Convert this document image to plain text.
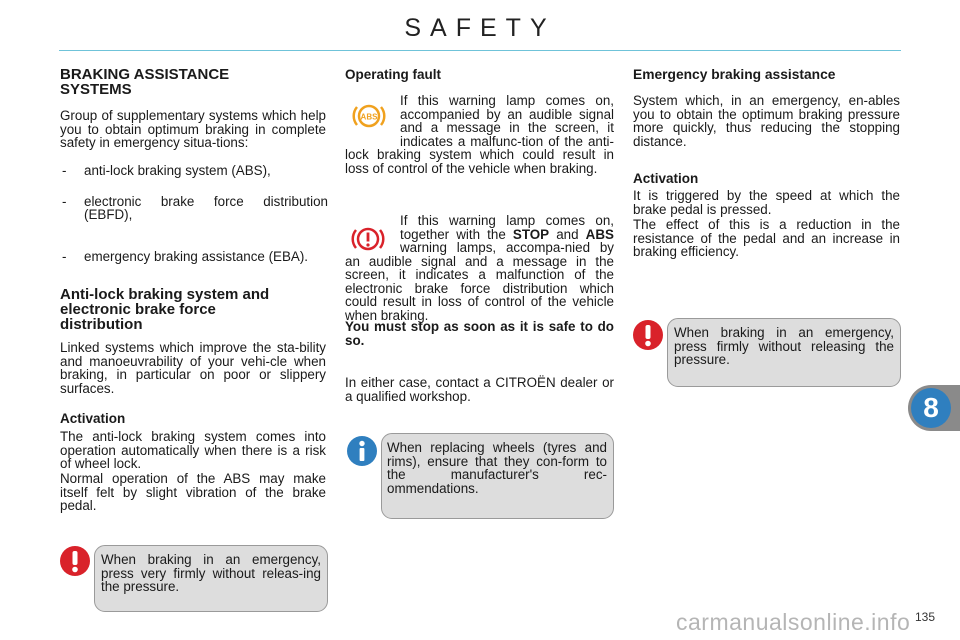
SAFETY
BRAKING ASSISTANCE SYSTEMS

Group of supplementary systems which help you to obtain optimum braking in complete safety in emergency situa-tions:

- anti-lock braking system (ABS),
- electronic brake force distribution (EBFD),
- emergency braking assistance (EBA).
Anti-lock braking system and electronic brake force distribution

Linked systems which improve the sta-bility and manoeuvrability of your vehi-cle when braking, in particular on poor or slippery surfaces.

Activation

The anti-lock braking system comes into operation automatically when there is a risk of wheel lock.

Normal operation of the ABS may make itself felt by slight vibration of the brake pedal.

When braking in an emergency, press very firmly without releas-ing the pressure.

Operating fault
ABS

If this warning lamp comes on, accompanied by an audible signal and a message in the screen, it indicates a malfunc-tion of the anti-lock braking system which could result in loss of control of the vehicle when braking.
If this warning lamp comes on, together with the STOP and ABS warning lamps, accompa-nied by an audible signal and a message in the screen, it indicates a malfunction of the electronic brake force distribution which could result in loss of control of the vehicle when braking.

You must stop as soon as it is safe to do so.

In either case, contact a CITROËN dealer or a qualified workshop.

When replacing wheels (tyres and rims), ensure that they con-form to the manufacturer's rec-ommendations.

Emergency braking assistance

System which, in an emergency, en-ables you to obtain the optimum braking pressure more quickly, thus reducing the stopping distance.

Activation

It is triggered by the speed at which the brake pedal is pressed.

The effect of this is a reduction in the resistance of the pedal and an increase in braking efficiency.

When braking in an emergency, press firmly without releasing the pressure.

8
carmanualsonline.info 135
